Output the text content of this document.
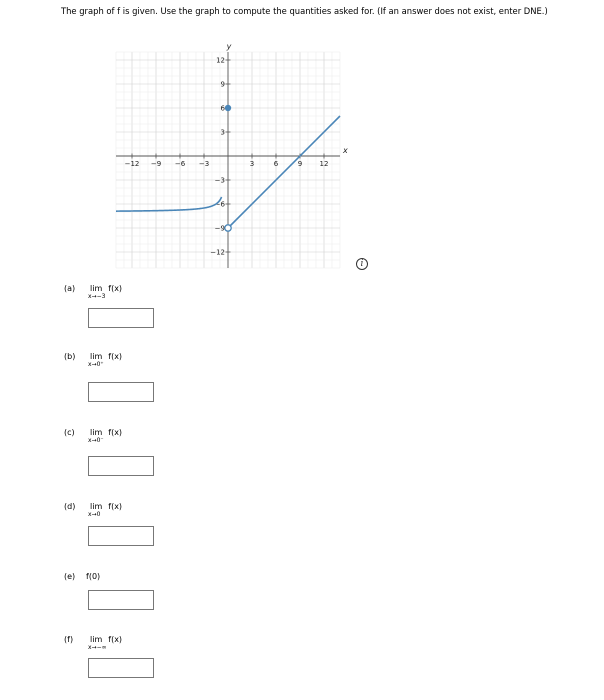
The graph of f is given. Use the graph to compute the quantities asked for. (If an answer does not exist, enter DNE.)
−12 −9 −6 −3	3	6	9 12
12
9
6
3
−3
−6
−9
−12
x
y
i
(a) lim f(x)
x→−3
(b) lim f(x)
x→0⁺
(c) lim f(x)
x→0⁻
(d) lim f(x)
x→0
(e) f(0)
(f) lim f(x)
x→−∞
